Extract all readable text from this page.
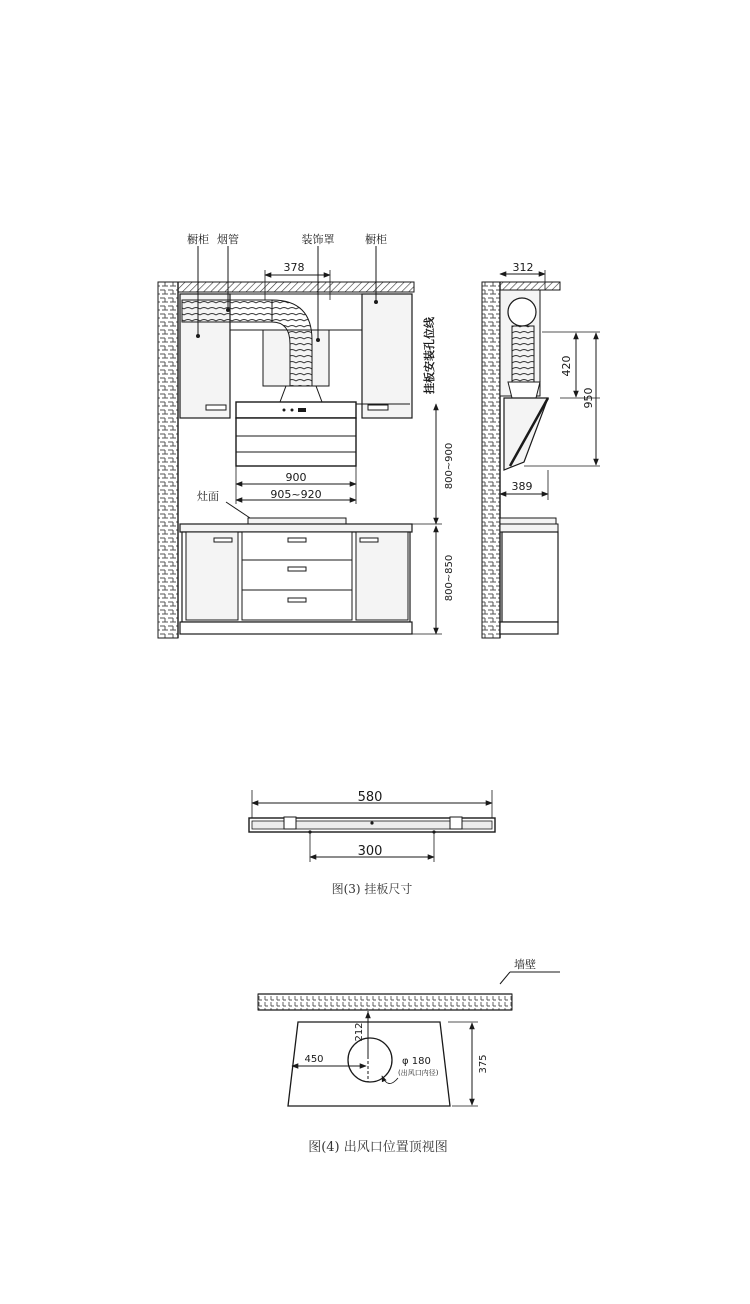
橱柜 烟管	装饰罩	橱柜
378
挂板安装孔位线
900
905~920
灶面
800~900
800~850
312
420
950
389
580
300
图(3) 挂板尺寸
墙壁
212
450	φ 180
(出风口内径)	375
图(4) 出风口位置顶视图
